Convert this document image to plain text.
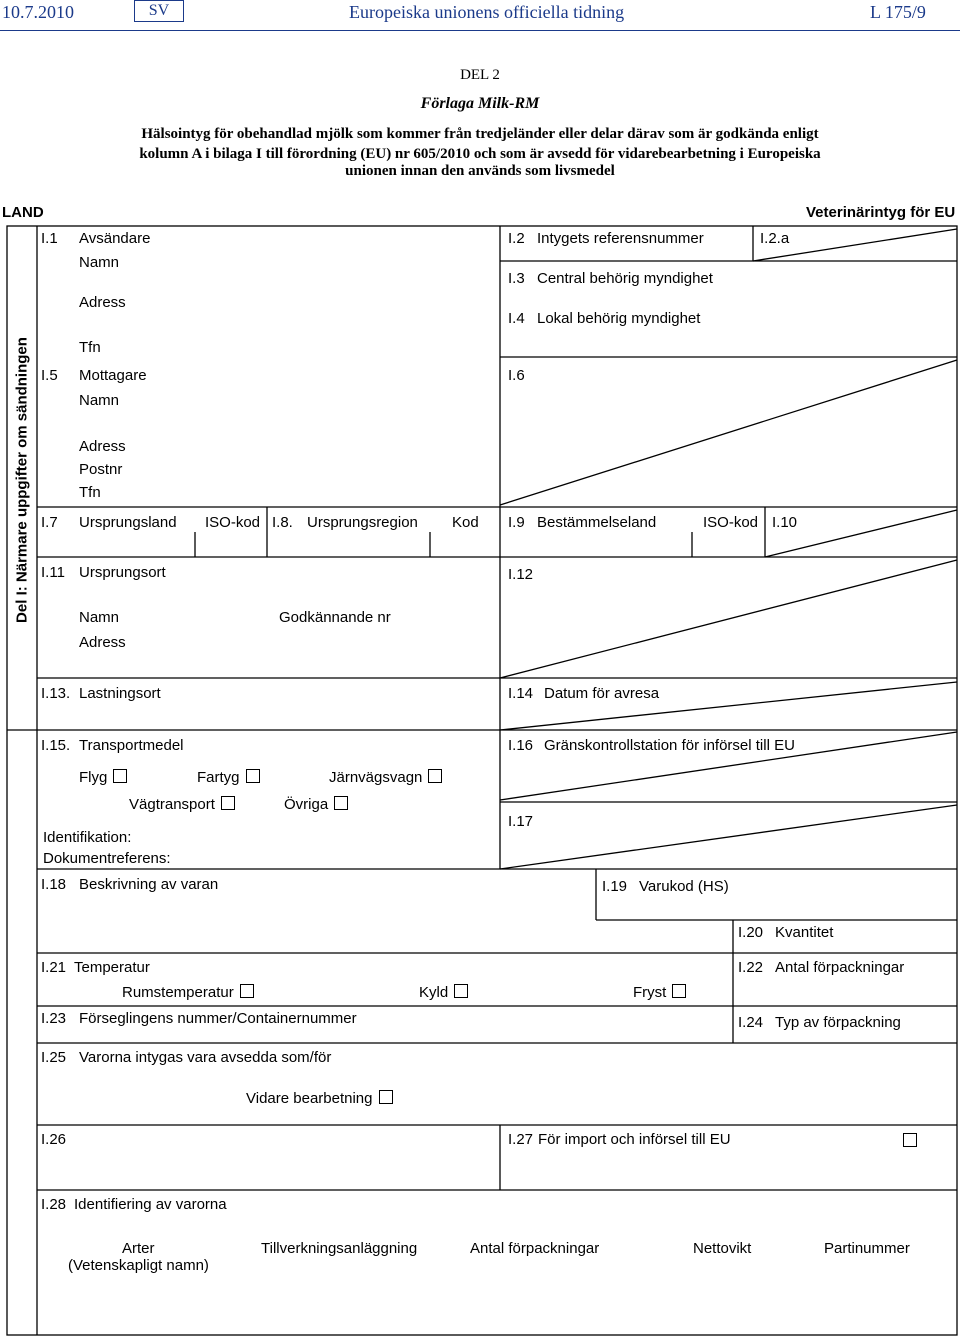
10.7.2010	SV	Europeiska unionens officiella tidning	L 175/9
DEL 2
Förlaga Milk-RM
Hälsointyg för obehandlad mjölk som kommer från tredjeländer eller delar därav som är godkända enligt
kolumn A i bilaga I till förordning (EU) nr 605/2010 och som är avsedd för vidarebearbetning i Europeiska
unionen innan den används som livsmedel
LAND	Veterinärintyg för EU
Del I: Närmare uppgifter om sändningen
I.1 Avsändare
Namn
Adress
Tfn
I.2 Intygets referensnummer	I.2.a
I.3 Central behörig myndighet
I.4 Lokal behörig myndighet
I.5 Mottagare
Namn
Adress
Postnr
Tfn
I.6
I.7 Ursprungsland ISO-kod I.8. Ursprungsregion Kod I.9 Bestämmelseland	ISO-kod I.10
I.11 Ursprungsort
Namn	Godkännande nr
Adress
I.12
I.13. Lastningsort	I.14 Datum för avresa
I.15. Transportmedel
Flyg	Fartyg	Järnvägsvagn
Vägtransport	Övriga
Identifikation:
Dokumentreferens:
I.16 Gränskontrollstation för införsel till EU
I.17
I.18 Beskrivning av varan	I.19 Varukod (HS)
I.20 Kvantitet
I.21 Temperatur
Rumstemperatur	Kyld	Fryst
I.22 Antal förpackningar
I.23 Förseglingens nummer/Containernummer	I.24 Typ av förpackning
I.25 Varorna intygas vara avsedda som/för
Vidare bearbetning
I.26	I.27 För import och införsel till EU
I.28 Identifiering av varorna
Arter
(Vetenskapligt namn)
Tillverkningsanläggning	Antal förpackningar	Nettovikt	Partinummer
